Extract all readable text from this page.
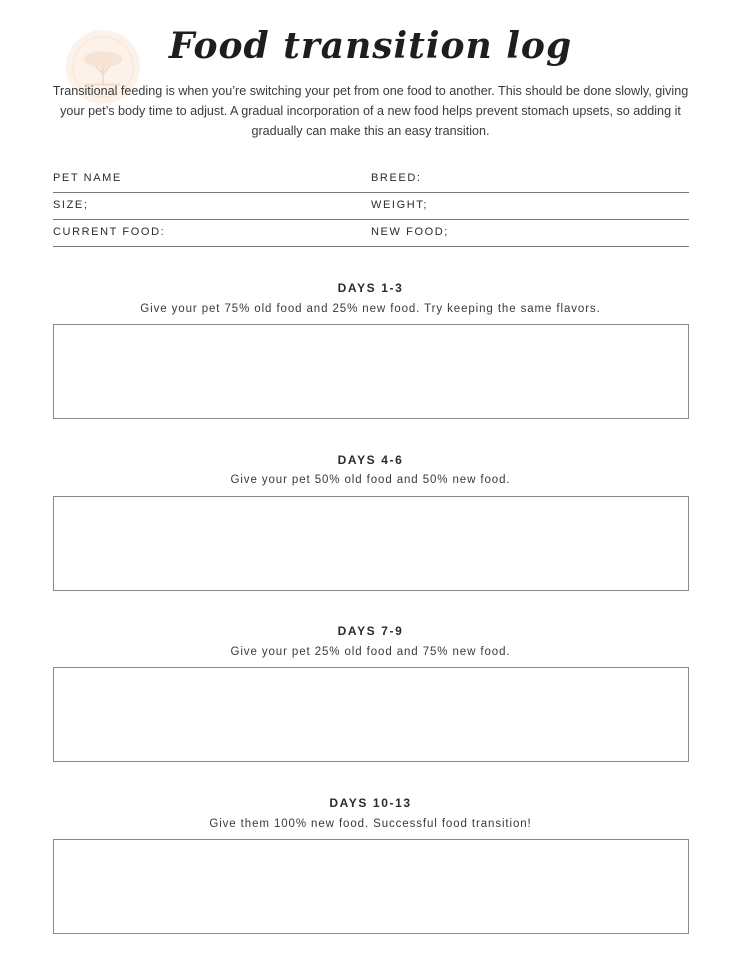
Food transition log

Transitional feeding is when you’re switching your pet from one food to another. This should be done slowly, giving your pet’s body time to adjust. A gradual incorporation of a new food helps prevent stomach upsets, so adding it gradually can make this an easy transition.

PET NAME	BREED:
SIZE;	WEIGHT;
CURRENT FOOD:	NEW FOOD;
DAYS 1-3

Give your pet 75% old food and 25% new food. Try keeping the same flavors.

DAYS 4-6

Give your pet 50% old food and 50% new food.

DAYS 7-9

Give your pet 25% old food and 75% new food.

DAYS 10-13

Give them 100% new food. Successful food transition!
